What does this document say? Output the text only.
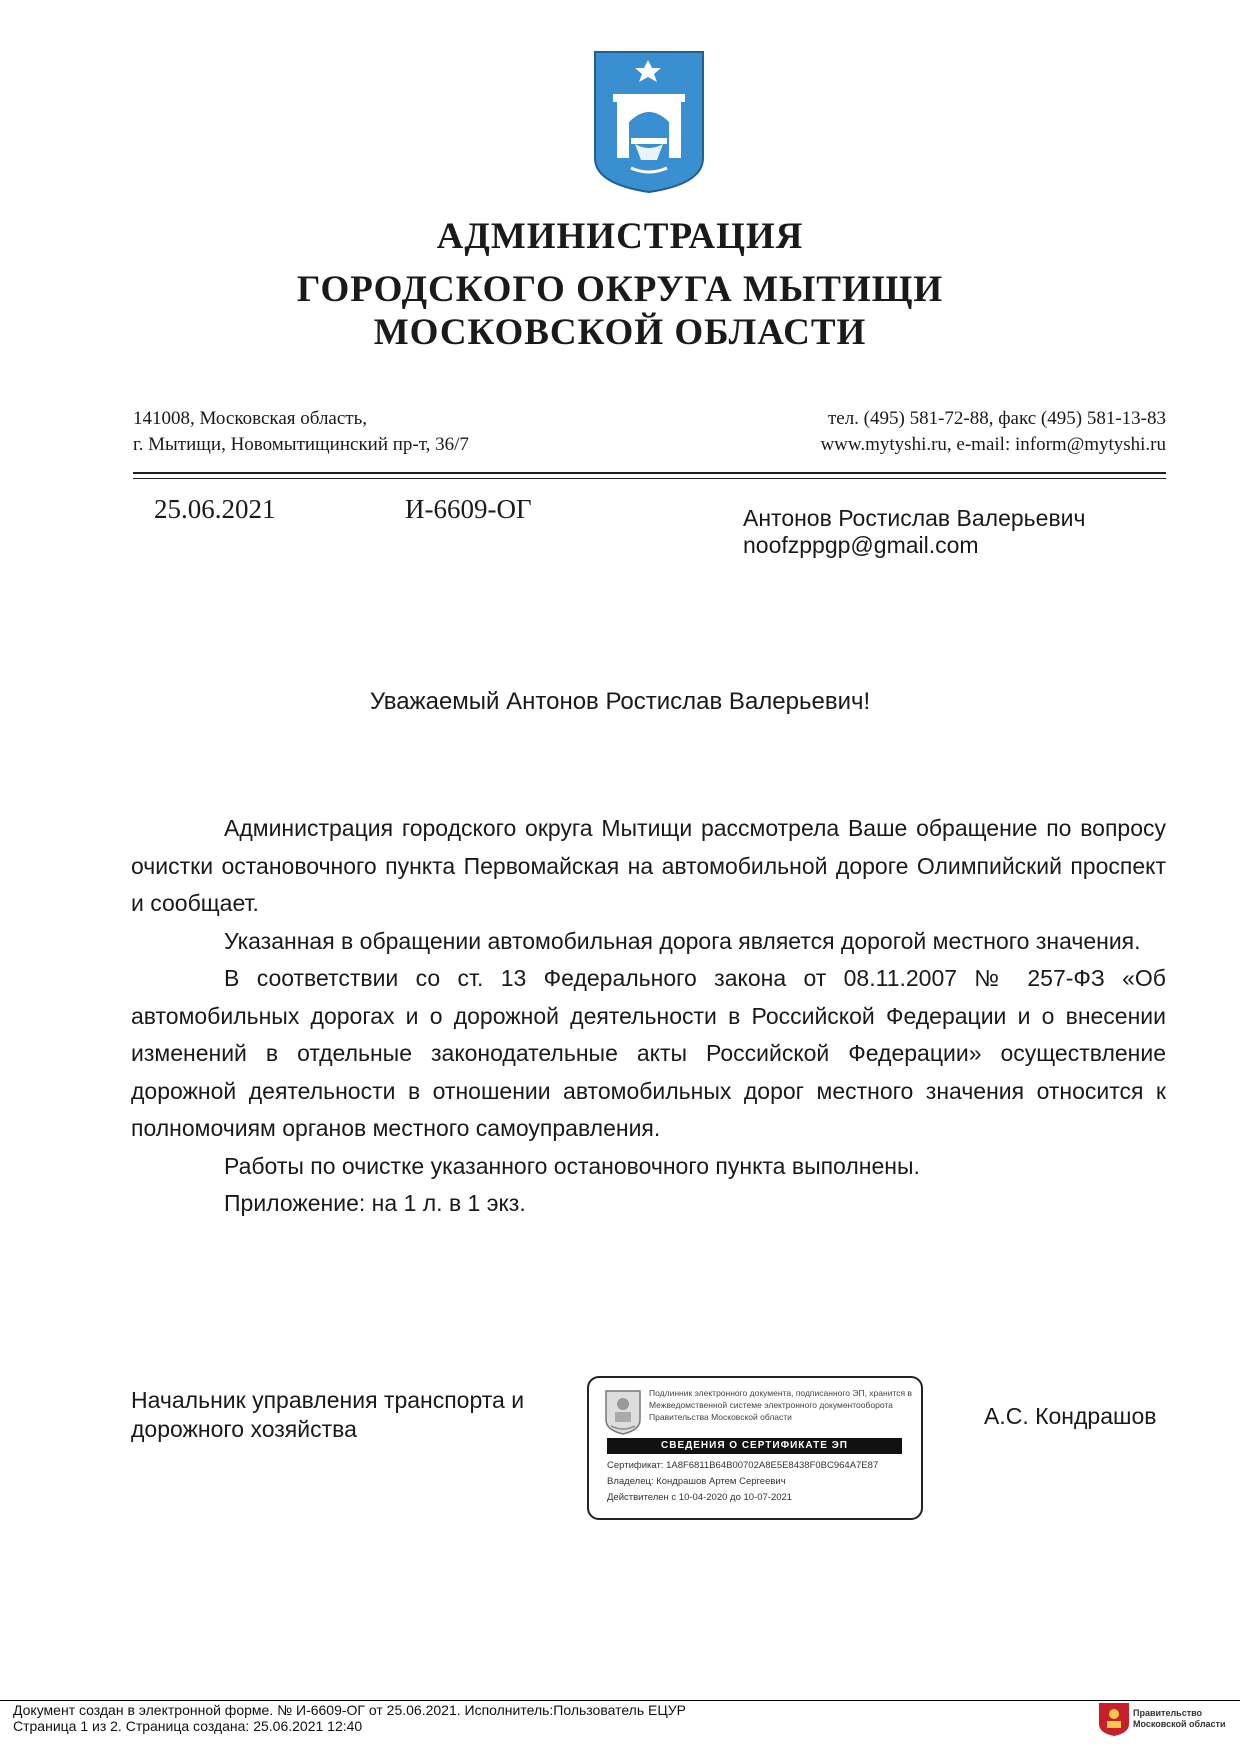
АДМИНИСТРАЦИЯ
ГОРОДСКОГО ОКРУГА МЫТИЩИ
МОСКОВСКОЙ ОБЛАСТИ
141008, Московская область,
г. Мытищи, Новомытищинский пр-т, 36/7
тел. (495) 581-72-88, факс (495) 581-13-83
www.mytyshi.ru, e-mail: inform@mytyshi.ru
25.06.2021	И-6609-ОГ	Антонов Ростислав Валерьевич
noofzppgp@gmail.com
Уважаемый Антонов Ростислав Валерьевич!

Администрация городского округа Мытищи рассмотрела Ваше обращение по вопросу очистки остановочного пункта Первомайская на автомобильной дороге Олимпийский проспект и сообщает.

Указанная в обращении автомобильная дорога является дорогой местного значения.

В соответствии со ст. 13 Федерального закона от 08.11.2007 № 257-ФЗ «Об автомобильных дорогах и о дорожной деятельности в Российской Федерации и о внесении изменений в отдельные законодательные акты Российской Федерации» осуществление дорожной деятельности в отношении автомобильных дорог местного значения относится к полномочиям органов местного самоуправления.

Работы по очистке указанного остановочного пункта выполнены.

Приложение: на 1 л. в 1 экз.

Начальник управления транспорта и дорожного хозяйства	А.С. Кондрашов
Подлинник электронного документа, подписанного ЭП, хранится в Межведомственной системе электронного документооборота Правительства Московской области
СВЕДЕНИЯ О СЕРТИФИКАТЕ ЭП
Сертификат: 1A8F6811B64B00702A8E5E8438F0BC964A7E87
Владелец: Кондрашов Артем Сергеевич
Действителен с 10-04-2020 до 10-07-2021
Документ создан в электронной форме. № И-6609-ОГ от 25.06.2021. Исполнитель:Пользователь ЕЦУР
Страница 1 из 2. Страница создана: 25.06.2021 12:40
Правительство
Московской области
